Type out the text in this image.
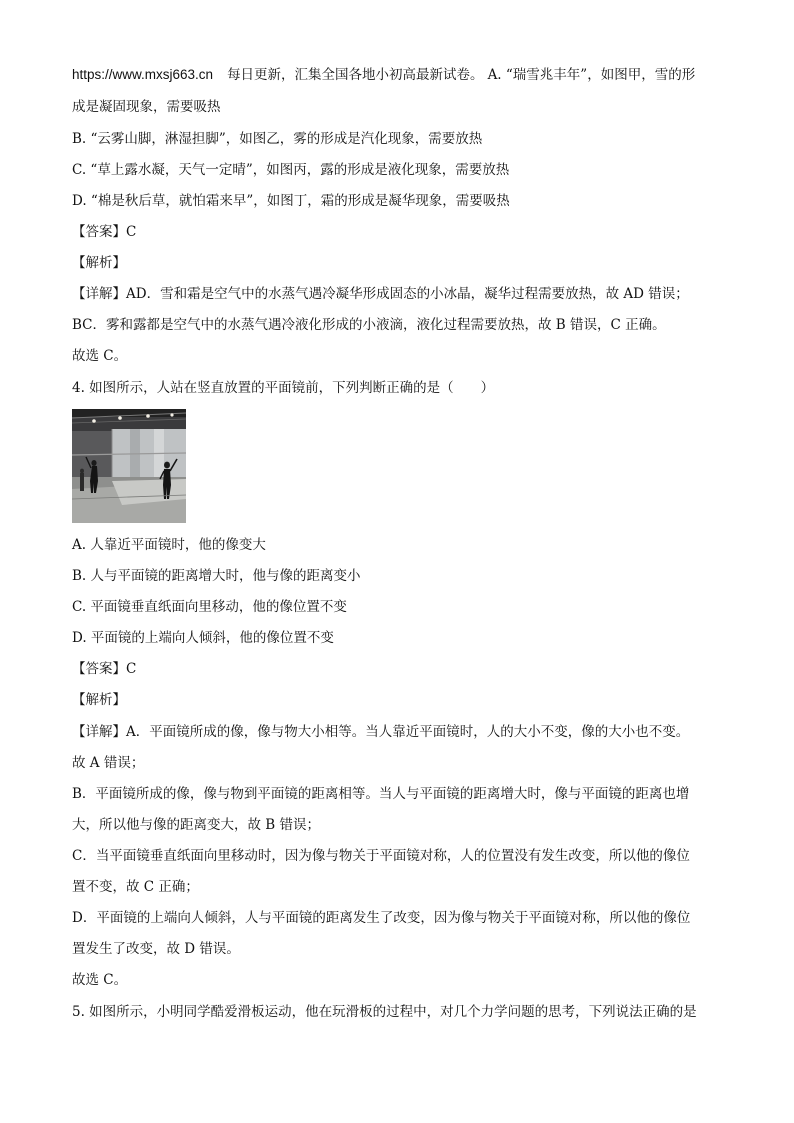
https://www.mxsj663.cn 每日更新，汇集全国各地小初高最新试卷。 A. “瑞雪兆丰年”，如图甲，雪的形
成是凝固现象，需要吸热
B. “云雾山脚，淋湿担脚”，如图乙，雾的形成是汽化现象，需要放热
C. “草上露水凝，天气一定晴”，如图丙，露的形成是液化现象，需要放热
D. “棉是秋后草，就怕霜来早”，如图丁，霜的形成是凝华现象，需要吸热
【答案】C
【解析】
【详解】AD．雪和霜是空气中的水蒸气遇冷凝华形成固态的小冰晶，凝华过程需要放热，故 AD 错误；
BC．雾和露都是空气中的水蒸气遇冷液化形成的小液滴，液化过程需要放热，故 B 错误，C 正确。
故选 C。
4. 如图所示，人站在竖直放置的平面镜前，下列判断正确的是（　　）
A. 人靠近平面镜时，他的像变大
B. 人与平面镜的距离增大时，他与像的距离变小
C. 平面镜垂直纸面向里移动，他的像位置不变
D. 平面镜的上端向人倾斜，他的像位置不变
【答案】C
【解析】
【详解】A．平面镜所成的像，像与物大小相等。当人靠近平面镜时，人的大小不变，像的大小也不变。
故 A 错误；
B．平面镜所成的像，像与物到平面镜的距离相等。当人与平面镜的距离增大时，像与平面镜的距离也增
大，所以他与像的距离变大，故 B 错误；
C．当平面镜垂直纸面向里移动时，因为像与物关于平面镜对称，人的位置没有发生改变，所以他的像位
置不变，故 C 正确；
D．平面镜的上端向人倾斜，人与平面镜的距离发生了改变，因为像与物关于平面镜对称，所以他的像位
置发生了改变，故 D 错误。
故选 C。
5. 如图所示，小明同学酷爱滑板运动，他在玩滑板的过程中，对几个力学问题的思考，下列说法正确的是
